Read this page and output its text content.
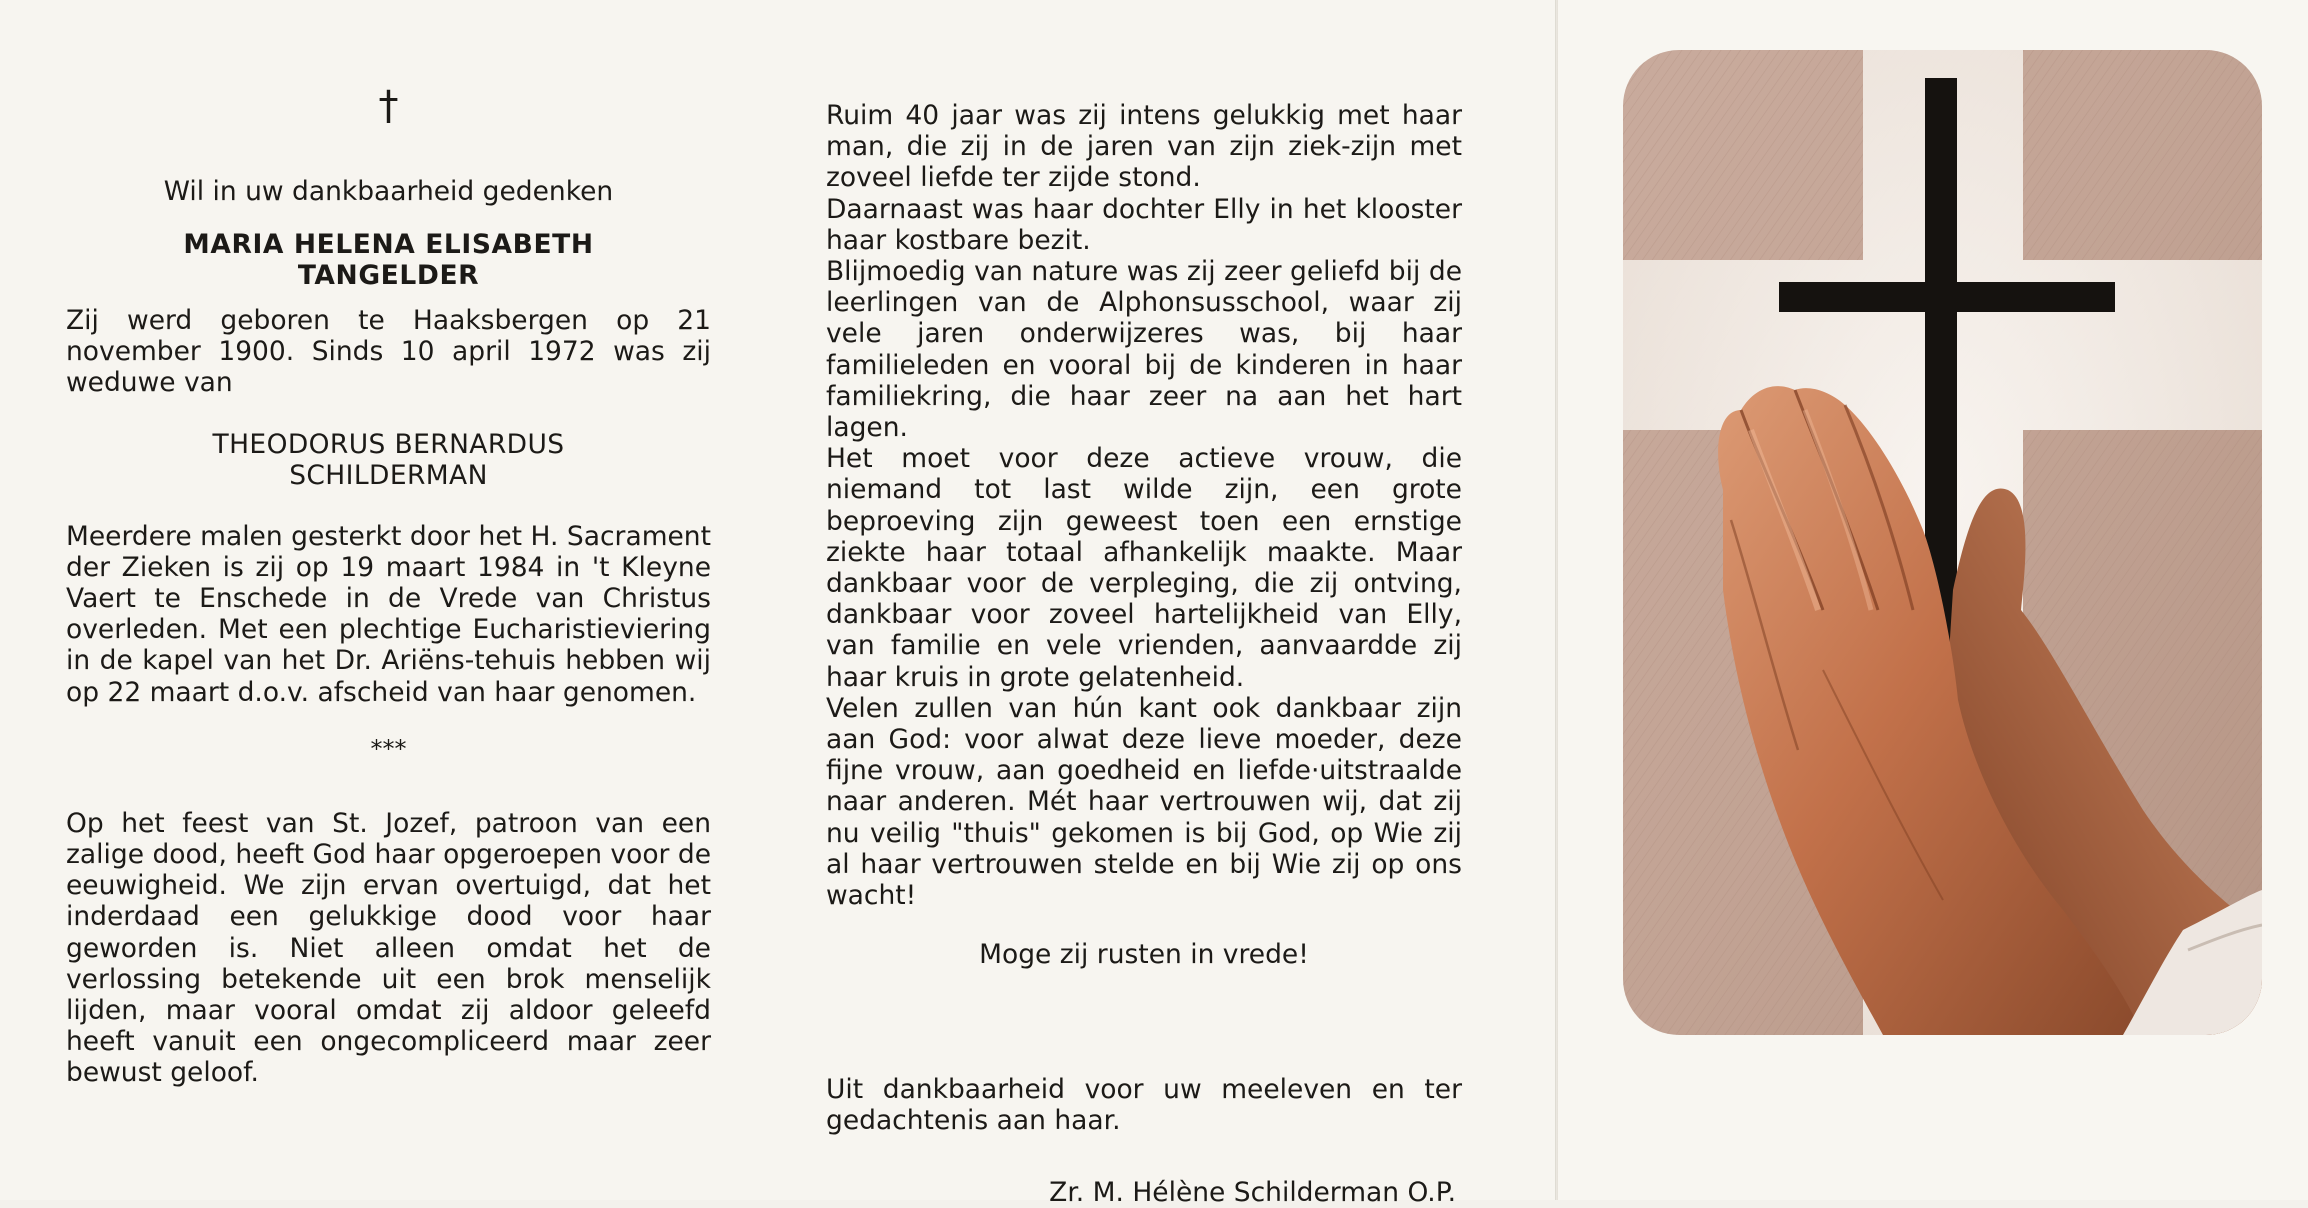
†
Wil in uw dankbaarheid gedenken
MARIA HELENA ELISABETH
TANGELDER
Zij werd geboren te Haaksbergen op 21 november 1900. Sinds 10 april 1972 was zij weduwe van
THEODORUS BERNARDUS
SCHILDERMAN
Meerdere malen gesterkt door het H. Sacrament der Zieken is zij op 19 maart 1984 in 't Kleyne Vaert te Enschede in de Vrede van Christus overleden. Met een plechtige Eucharistieviering in de kapel van het Dr. Ariëns-tehuis hebben wij op 22 maart d.o.v. afscheid van haar genomen.
***
Op het feest van St. Jozef, patroon van een zalige dood, heeft God haar opgeroepen voor de eeuwigheid. We zijn ervan overtuigd, dat het inderdaad een gelukkige dood voor haar geworden is. Niet alleen omdat het de verlossing betekende uit een brok menselijk lijden, maar vooral omdat zij aldoor geleefd heeft vanuit een ongecompliceerd maar zeer bewust geloof.
Ruim 40 jaar was zij intens gelukkig met haar man, die zij in de jaren van zijn ziek-zijn met zoveel liefde ter zijde stond.
Daarnaast was haar dochter Elly in het klooster haar kostbare bezit.
Blijmoedig van nature was zij zeer geliefd bij de leerlingen van de Alphonsusschool, waar zij vele jaren onderwijzeres was, bij haar familieleden en vooral bij de kinderen in haar familiekring, die haar zeer na aan het hart lagen.
Het moet voor deze actieve vrouw, die niemand tot last wilde zijn, een grote beproeving zijn geweest toen een ernstige ziekte haar totaal afhankelijk maakte. Maar dankbaar voor de verpleging, die zij ontving, dankbaar voor zoveel hartelijkheid van Elly, van familie en vele vrienden, aanvaardde zij haar kruis in grote gelatenheid.
Velen zullen van hún kant ook dankbaar zijn aan God: voor alwat deze lieve moeder, deze fijne vrouw, aan goedheid en liefde·uitstraalde naar anderen. Mét haar vertrouwen wij, dat zij nu veilig "thuis" gekomen is bij God, op Wie zij al haar vertrouwen stelde en bij Wie zij op ons wacht!
Moge zij rusten in vrede!
Uit dankbaarheid voor uw meeleven en ter gedachtenis aan haar.
Zr. M. Hélène Schilderman O.P.
